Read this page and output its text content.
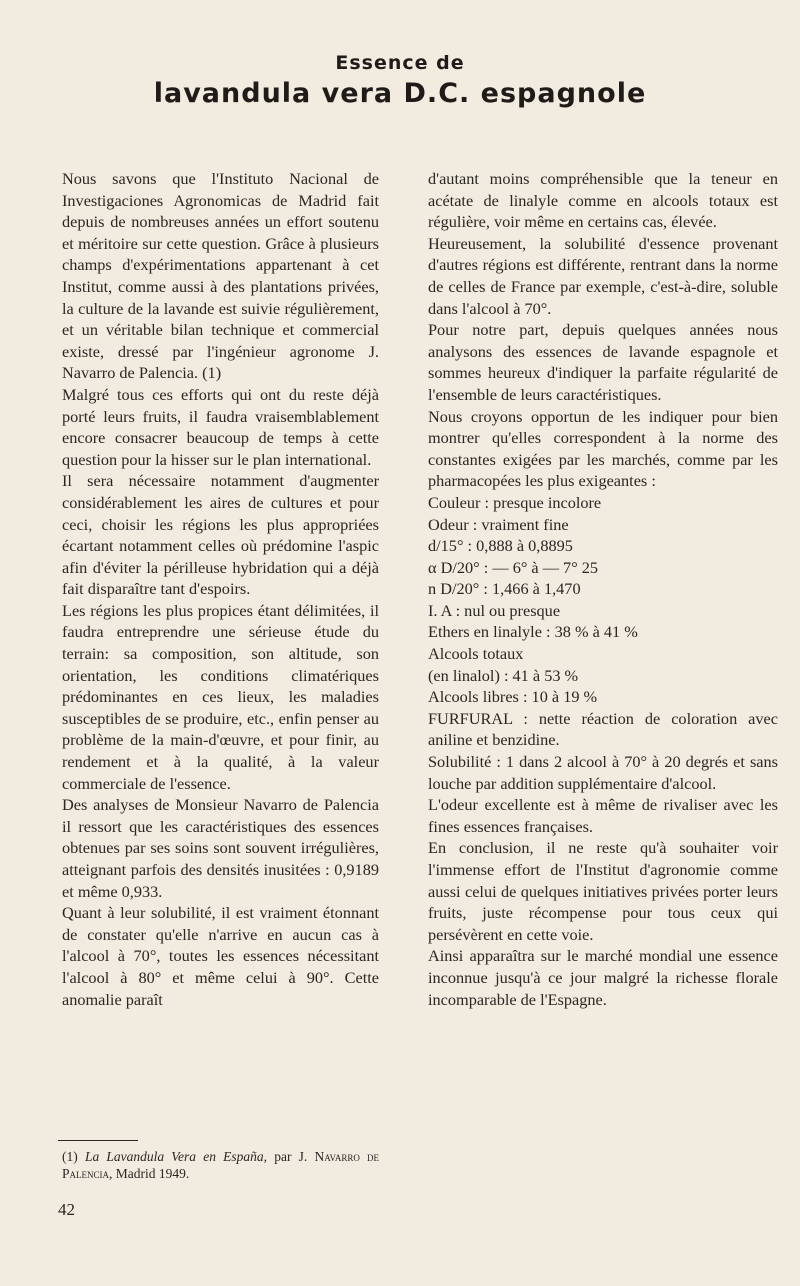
Essence de
lavandula vera D.C. espagnole

Nous savons que l'Instituto Nacional de Investigaciones Agronomicas de Madrid fait depuis de nombreuses années un effort soutenu et méritoire sur cette question. Grâce à plusieurs champs d'expérimentations appartenant à cet Institut, comme aussi à des plantations privées, la culture de la lavande est suivie régulièrement, et un véritable bilan technique et commercial existe, dressé par l'ingénieur agronome J. Navarro de Palencia. (1)

Malgré tous ces efforts qui ont du reste déjà porté leurs fruits, il faudra vraisemblablement encore consacrer beaucoup de temps à cette question pour la hisser sur le plan international.

Il sera nécessaire notamment d'augmenter considérablement les aires de cultures et pour ceci, choisir les régions les plus appropriées écartant notamment celles où prédomine l'aspic afin d'éviter la périlleuse hybridation qui a déjà fait disparaître tant d'espoirs.

Les régions les plus propices étant délimitées, il faudra entreprendre une sérieuse étude du terrain: sa composition, son altitude, son orientation, les conditions climatériques prédominantes en ces lieux, les maladies susceptibles de se produire, etc., enfin penser au problème de la main-d'œuvre, et pour finir, au rendement et à la qualité, à la valeur commerciale de l'essence.

Des analyses de Monsieur Navarro de Palencia il ressort que les caractéristiques des essences obtenues par ses soins sont souvent irrégulières, atteignant parfois des densités inusitées : 0,9189 et même 0,933.

Quant à leur solubilité, il est vraiment étonnant de constater qu'elle n'arrive en aucun cas à l'alcool à 70°, toutes les essences nécessitant l'alcool à 80° et même celui à 90°. Cette anomalie paraît

(1) La Lavandula Vera en España, par J. Navarro de Palencia, Madrid 1949.

d'autant moins compréhensible que la teneur en acétate de linalyle comme en alcools totaux est régulière, voir même en certains cas, élevée.

Heureusement, la solubilité d'essence provenant d'autres régions est différente, rentrant dans la norme de celles de France par exemple, c'est-à-dire, soluble dans l'alcool à 70°.

Pour notre part, depuis quelques années nous analysons des essences de lavande espagnole et sommes heureux d'indiquer la parfaite régularité de l'ensemble de leurs caractéristiques.

Nous croyons opportun de les indiquer pour bien montrer qu'elles correspondent à la norme des constantes exigées par les marchés, comme par les pharmacopées les plus exigeantes :

Couleur : presque incolore

Odeur : vraiment fine

d/15° : 0,888 à 0,8895

α D/20° : — 6° à — 7° 25

n D/20° : 1,466 à 1,470

I. A : nul ou presque

Ethers en linalyle : 38 % à 41 %

Alcools totaux

(en linalol) : 41 à 53 %

Alcools libres : 10 à 19 %

FURFURAL : nette réaction de coloration avec aniline et benzidine.

Solubilité : 1 dans 2 alcool à 70° à 20 degrés et sans louche par addition supplémentaire d'alcool.

L'odeur excellente est à même de rivaliser avec les fines essences françaises.

En conclusion, il ne reste qu'à souhaiter voir l'immense effort de l'Institut d'agronomie comme aussi celui de quelques initiatives privées porter leurs fruits, juste récompense pour tous ceux qui persévèrent en cette voie.

Ainsi apparaîtra sur le marché mondial une essence inconnue jusqu'à ce jour malgré la richesse florale incomparable de l'Espagne.

42
